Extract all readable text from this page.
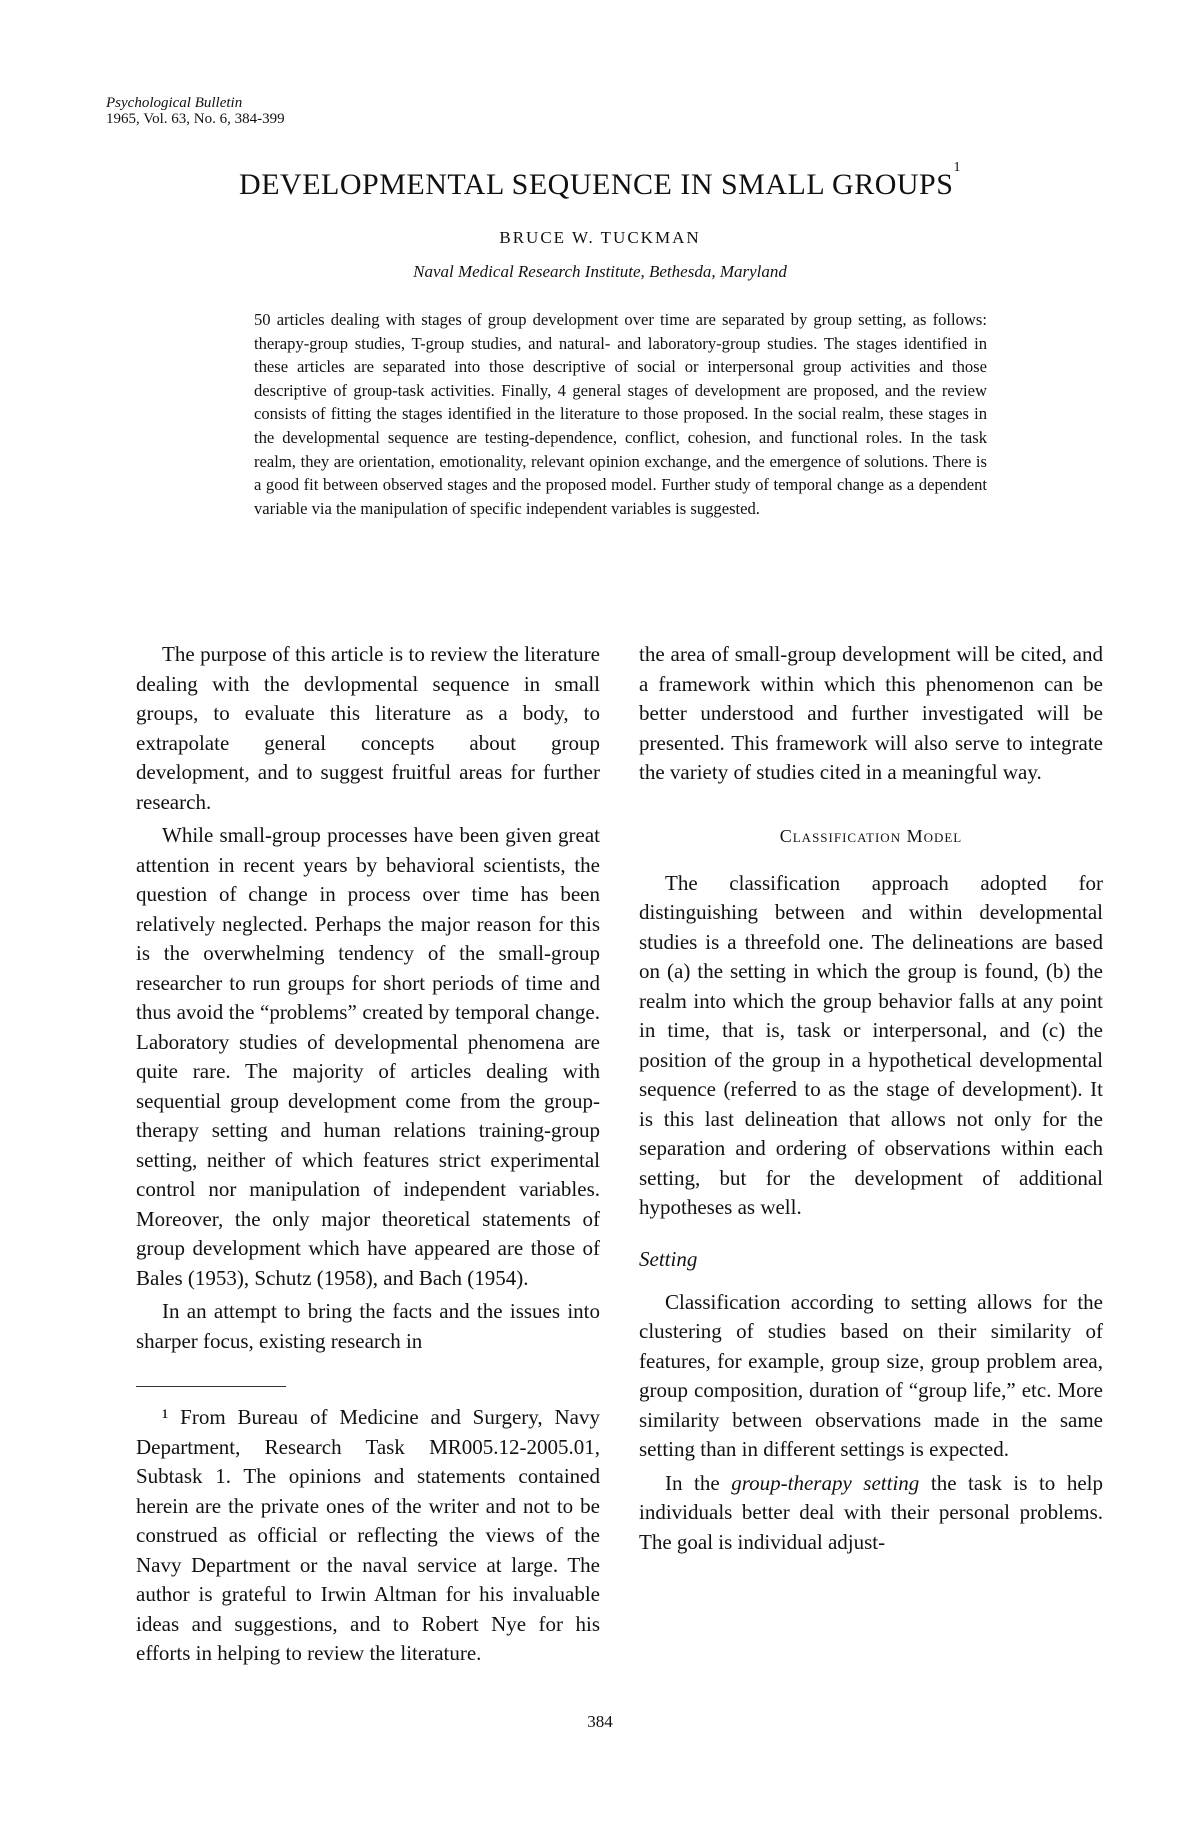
Psychological Bulletin
1965, Vol. 63, No. 6, 384-399
DEVELOPMENTAL SEQUENCE IN SMALL GROUPS$^1$
BRUCE W. TUCKMAN
Naval Medical Research Institute, Bethesda, Maryland

50 articles dealing with stages of group development over time are separated by group setting, as follows: therapy-group studies, T-group studies, and natural- and laboratory-group studies. The stages identified in these articles are separated into those descriptive of social or interpersonal group activities and those descriptive of group-task activities. Finally, 4 general stages of development are proposed, and the review consists of fitting the stages identified in the literature to those proposed. In the social realm, these stages in the developmental sequence are testing-dependence, conflict, cohesion, and functional roles. In the task realm, they are orientation, emotionality, relevant opinion exchange, and the emergence of solutions. There is a good fit between observed stages and the proposed model. Further study of temporal change as a dependent variable via the manipulation of specific independent variables is suggested.

The purpose of this article is to review the literature dealing with the devlopmental sequence in small groups, to evaluate this literature as a body, to extrapolate general concepts about group development, and to suggest fruitful areas for further research.

While small-group processes have been given great attention in recent years by behavioral scientists, the question of change in process over time has been relatively neglected. Perhaps the major reason for this is the overwhelming tendency of the small-group researcher to run groups for short periods of time and thus avoid the “problems” created by temporal change. Laboratory studies of developmental phenomena are quite rare. The majority of articles dealing with sequential group development come from the group-therapy setting and human relations training-group setting, neither of which features strict experimental control nor manipulation of independent variables. Moreover, the only major theoretical statements of group development which have appeared are those of Bales (1953), Schutz (1958), and Bach (1954).

In an attempt to bring the facts and the issues into sharper focus, existing research in

¹ From Bureau of Medicine and Surgery, Navy Department, Research Task MR005.12-2005.01, Subtask 1. The opinions and statements contained herein are the private ones of the writer and not to be construed as official or reflecting the views of the Navy Department or the naval service at large. The author is grateful to Irwin Altman for his invaluable ideas and suggestions, and to Robert Nye for his efforts in helping to review the literature.

the area of small-group development will be cited, and a framework within which this phenomenon can be better understood and further investigated will be presented. This framework will also serve to integrate the variety of studies cited in a meaningful way.

Classification Model

The classification approach adopted for distinguishing between and within developmental studies is a threefold one. The delineations are based on (a) the setting in which the group is found, (b) the realm into which the group behavior falls at any point in time, that is, task or interpersonal, and (c) the position of the group in a hypothetical developmental sequence (referred to as the stage of development). It is this last delineation that allows not only for the separation and ordering of observations within each setting, but for the development of additional hypotheses as well.

Setting

Classification according to setting allows for the clustering of studies based on their similarity of features, for example, group size, group problem area, group composition, duration of “group life,” etc. More similarity between observations made in the same setting than in different settings is expected.

In the group-therapy setting the task is to help individuals better deal with their personal problems. The goal is individual adjust-

384
